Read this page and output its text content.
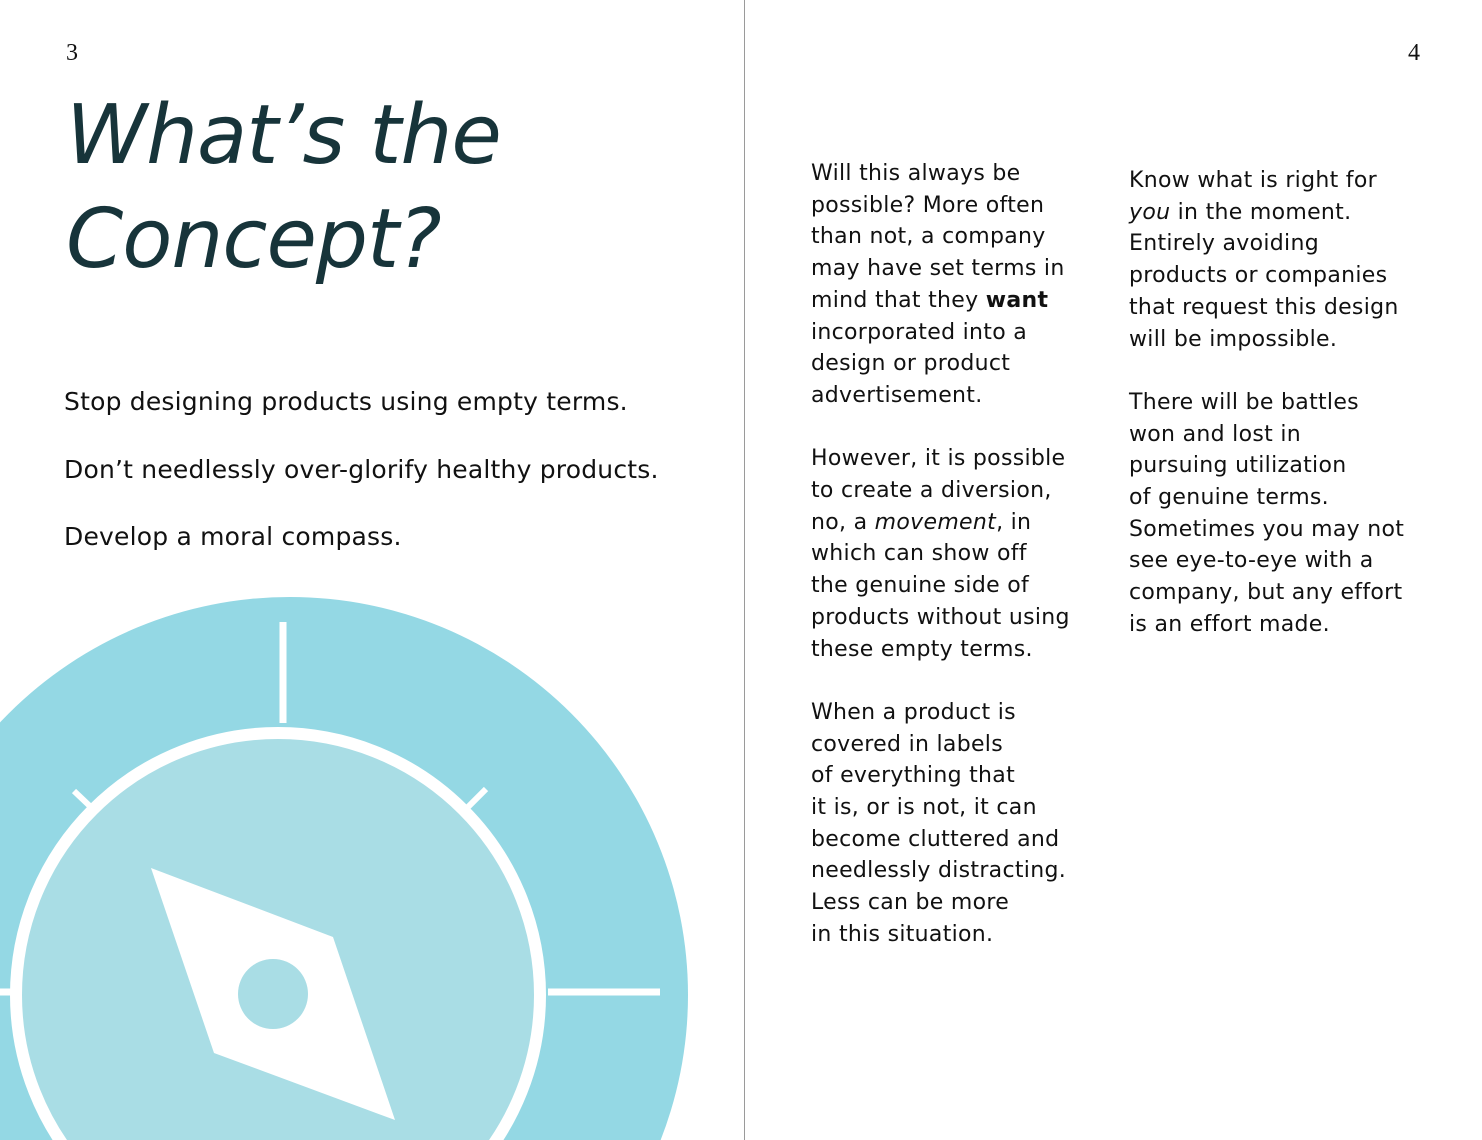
3
What’s the
Concept?
Stop designing products using empty terms.
Don’t needlessly over-glorify healthy products.
Develop a moral compass.
4

Will this always be
possible? More often
than not, a company
may have set terms in
mind that they want
incorporated into a
design or product
advertisement.

However, it is possible
to create a diversion,
no, a movement, in
which can show off
the genuine side of
products without using
these empty terms.

When a product is
covered in labels
of everything that
it is, or is not, it can
become cluttered and
needlessly distracting.
Less can be more
in this situation.

Know what is right for
you in the moment.
Entirely avoiding
products or companies
that request this design
will be impossible.

There will be battles
won and lost in
pursuing utilization
of genuine terms.
Sometimes you may not
see eye-to-eye with a
company, but any effort
is an effort made.
